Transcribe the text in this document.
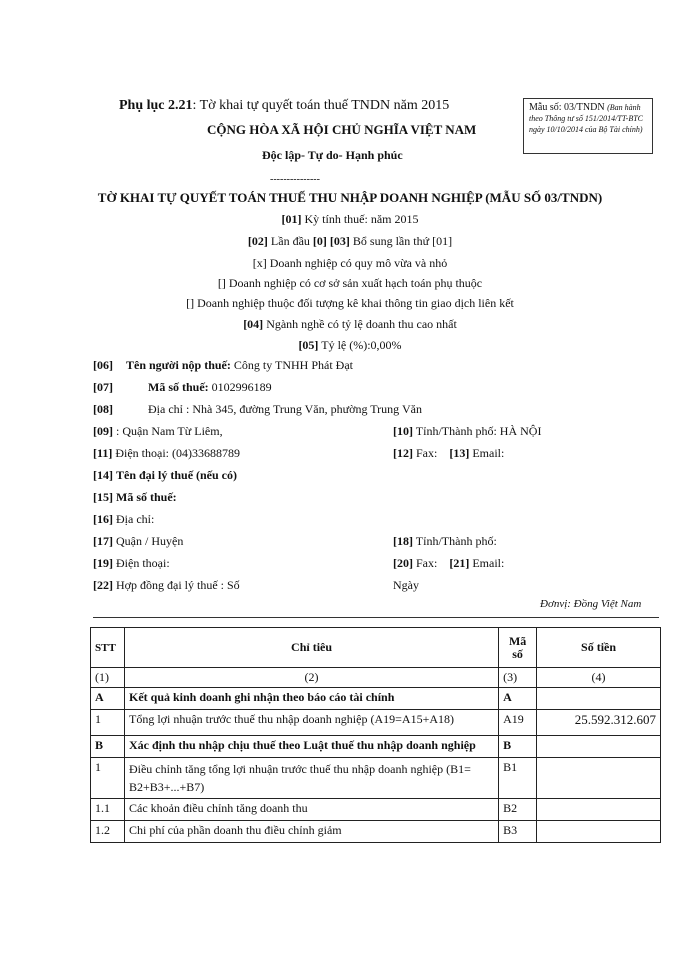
Phụ lục 2.21: Tờ khai tự quyết toán thuế TNDN năm 2015
CỘNG HÒA XÃ HỘI CHỦ NGHĨA VIỆT NAM
Độc lập- Tự do- Hạnh phúc
---------------
Mẫu số: 03/TNDN (Ban hành theo Thông tư số 151/2014/TT-BTC ngày 10/10/2014 của Bộ Tài chính)
TỜ KHAI TỰ QUYẾT TOÁN THUẾ THU NHẬP DOANH NGHIỆP (MẪU SỐ 03/TNDN)
[01] Kỳ tính thuế: năm 2015
[02] Lần đầu [0] [03] Bổ sung lần thứ [01]
[x] Doanh nghiệp có quy mô vừa và nhỏ
[] Doanh nghiệp có cơ sở sản xuất hạch toán phụ thuộc
[] Doanh nghiệp thuộc đối tượng kê khai thông tin giao dịch liên kết
[04] Ngành nghề có tỷ lệ doanh thu cao nhất
[05] Tỷ lệ (%):0,00%
[06] Tên người nộp thuế: Công ty TNHH Phát Đạt
[07]	Mã số thuế: 0102996189
[08]	Địa chỉ : Nhà 345, đường Trung Văn, phường Trung Văn
[09] : Quận Nam Từ Liêm,	[10] Tỉnh/Thành phố: HÀ NỘI
[11] Điện thoại: (04)33688789	[12] Fax: [13] Email:
[14] Tên đại lý thuế (nếu có)
[15] Mã số thuế:
[16] Địa chỉ:
[17] Quận / Huyện	[18] Tỉnh/Thành phố:
[19] Điện thoại:	[20] Fax: [21] Email:
[22] Hợp đồng đại lý thuế : Số	Ngày
Đơnvị: Đồng Việt Nam
STT	Chỉ tiêu	Mã số	Số tiền
(1)	(2)	(3)	(4)
A	Kết quả kinh doanh ghi nhận theo báo cáo tài chính	A	
1	Tổng lợi nhuận trước thuế thu nhập doanh nghiệp (A19=A15+A18)	A19	25.592.312.607
B	Xác định thu nhập chịu thuế theo Luật thuế thu nhập doanh nghiệp	B	
1	Điều chỉnh tăng tổng lợi nhuận trước thuế thu nhập doanh nghiệp (B1= B2+B3+...+B7)	B1	
1.1	Các khoản điều chỉnh tăng doanh thu	B2	
1.2	Chi phí của phần doanh thu điều chỉnh giảm	B3	
